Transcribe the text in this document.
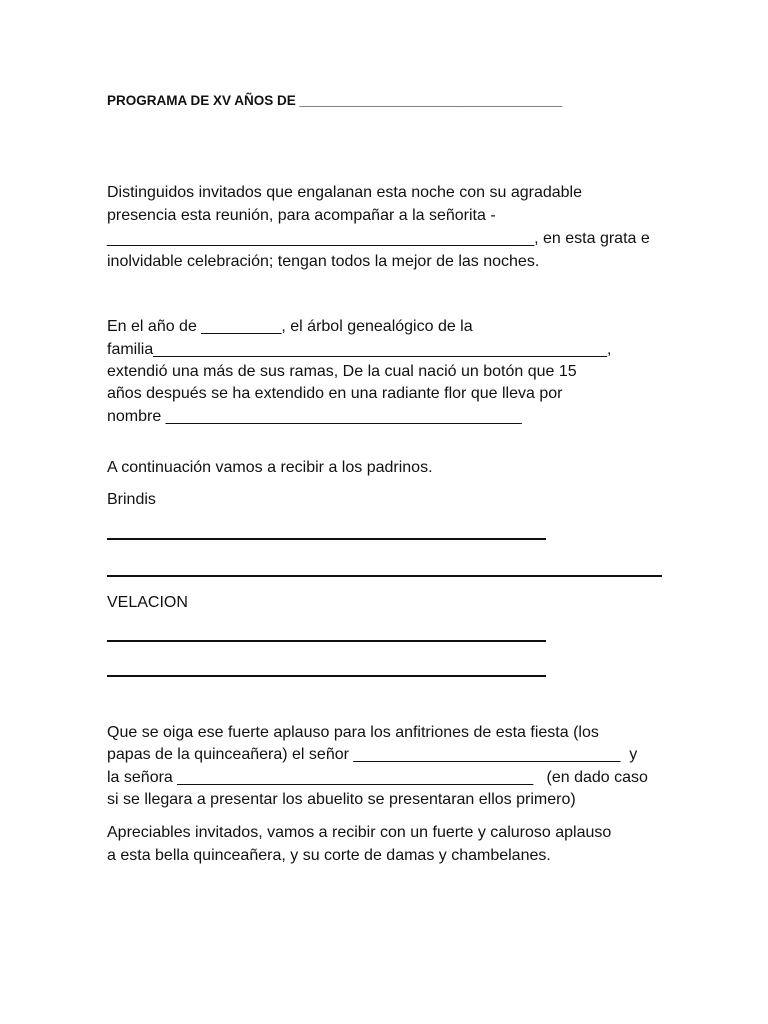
PROGRAMA DE XV AÑOS DE ___________________________________
Distinguidos invitados que engalanan esta noche con su agradable
presencia esta reunión, para acompañar a la señorita -
________________________________________________, en esta grata e
inolvidable celebración; tengan todos la mejor de las noches.
En el año de _________, el árbol genealógico de la
familia___________________________________________________,
extendió una más de sus ramas, De la cual nació un botón que 15
años después se ha extendido en una radiante flor que lleva por
nombre ________________________________________
A continuación vamos a recibir a los padrinos.
Brindis
VELACION
Que se oiga ese fuerte aplauso para los anfitriones de esta fiesta (los
papas de la quinceañera) el señor ______________________________  y
la señora ________________________________________   (en dado caso
si se llegara a presentar los abuelito se presentaran ellos primero)
Apreciables invitados, vamos a recibir con un fuerte y caluroso aplauso
a esta bella quinceañera, y su corte de damas y chambelanes.
